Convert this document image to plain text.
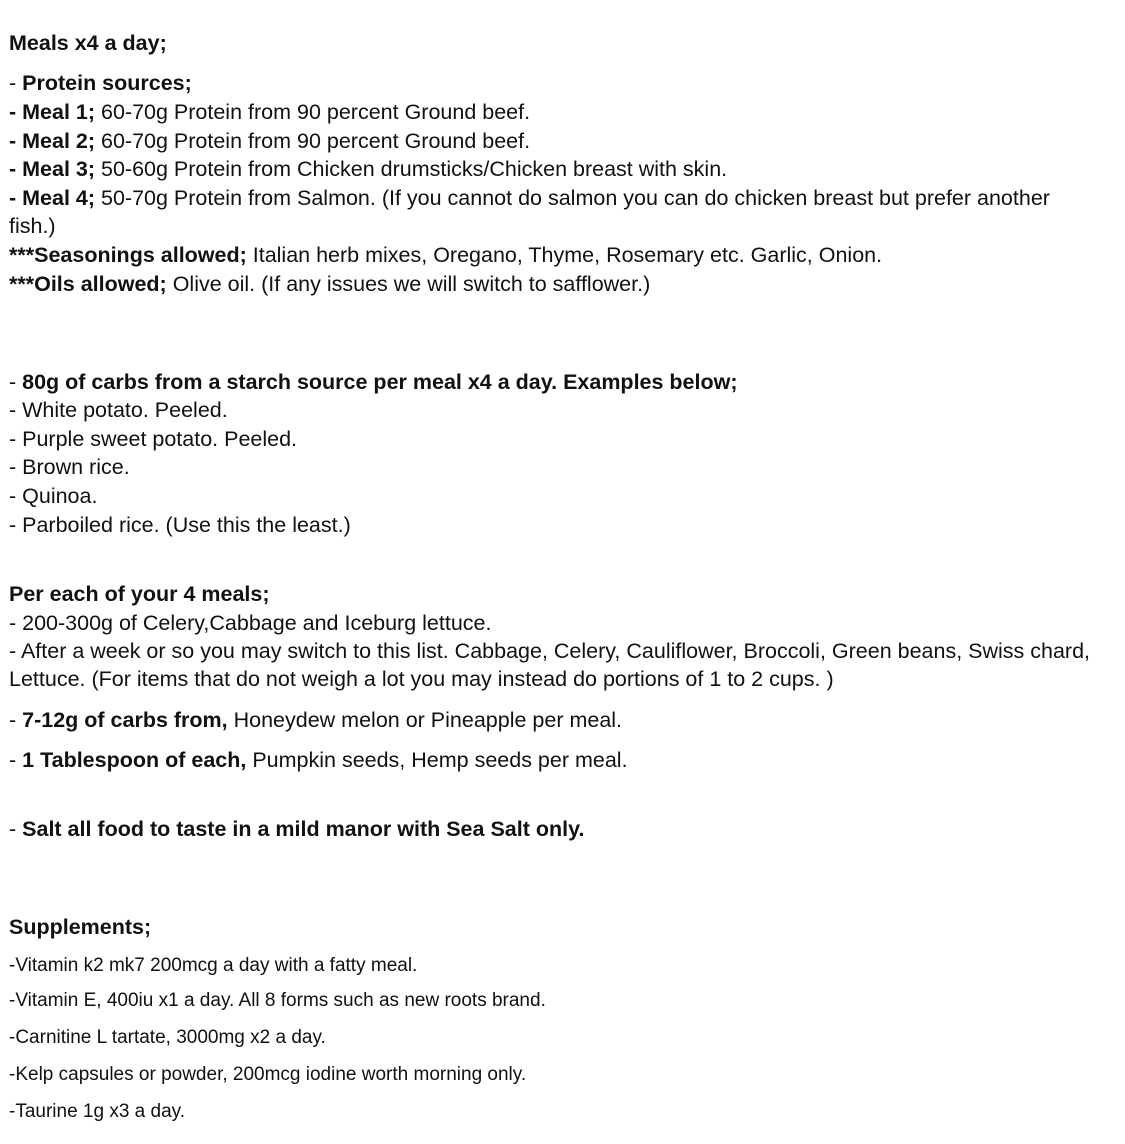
Meals x4 a day;
- Protein sources;
- Meal 1; 60-70g Protein from 90 percent Ground beef.
- Meal 2; 60-70g Protein from 90 percent Ground beef.
- Meal 3; 50-60g Protein from Chicken drumsticks/Chicken breast with skin.
- Meal 4; 50-70g Protein from Salmon. (If you cannot do salmon you can do chicken breast but prefer another fish.)
***Seasonings allowed; Italian herb mixes, Oregano, Thyme, Rosemary etc. Garlic, Onion.
***Oils allowed; Olive oil. (If any issues we will switch to safflower.)
- 80g of carbs from a starch source per meal x4 a day. Examples below;
- White potato. Peeled.
- Purple sweet potato. Peeled.
- Brown rice.
- Quinoa.
- Parboiled rice. (Use this the least.)
Per each of your 4 meals;
- 200-300g of Celery,Cabbage and Iceburg lettuce.
- After a week or so you may switch to this list. Cabbage, Celery, Cauliflower, Broccoli, Green beans, Swiss chard, Lettuce. (For items that do not weigh a lot you may instead do portions of 1 to 2 cups. )
- 7-12g of carbs from, Honeydew melon or Pineapple per meal.
- 1 Tablespoon of each, Pumpkin seeds, Hemp seeds per meal.
- Salt all food to taste in a mild manor with Sea Salt only.
Supplements;
-Vitamin k2 mk7 200mcg a day with a fatty meal.
-Vitamin E, 400iu x1 a day. All 8 forms such as new roots brand.
-Carnitine L tartate, 3000mg x2 a day.
-Kelp capsules or powder, 200mcg iodine worth morning only.
-Taurine 1g x3 a day.
